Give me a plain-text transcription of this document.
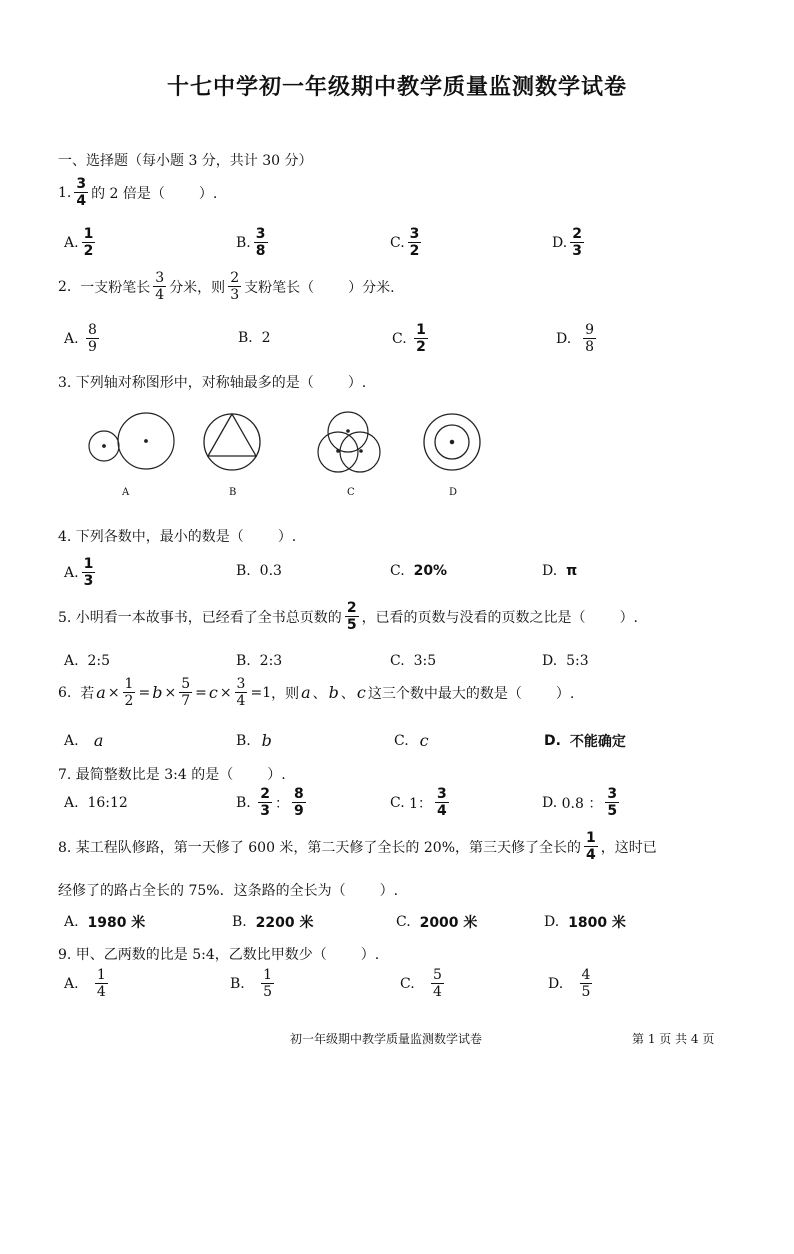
十七中学初一年级期中教学质量监测数学试卷
一、选择题（每小题 3 分，共计 30 分）
1. $\frac{3}{4}$ 的 2 倍是（ ）.
A. $\frac{1}{2}$	B. $\frac{3}{8}$	C. $\frac{3}{2}$	D. $\frac{2}{3}$
2.
一支粉笔长 $\frac{3}{4}$ 分米，则 $\frac{2}{3}$ 支粉笔长（ ）分米.
A.
$\frac{8}{9}$	B.
2	C.
$\frac{1}{2}$	D.
$\frac{9}{8}$
3. 下列轴对称图形中，对称轴最多的是（ ）.
A	B	C	D
4. 下列各数中，最小的数是（ ）.
A. $\frac{1}{3}$	B.
0.3	C.
20%	D.
π
5. 小明看一本故事书，已经看了全书总页数的 $\frac{2}{5}$ ，已看的页数与没看的页数之比是（ ）.
A.
2:5	B.
2:3	C.
3:5	D.
5:3
6.
若 $a \times \frac{1}{2} = b \times \frac{5}{7} = c \times \frac{3}{4} = 1$ ，则 a 、 b 、 c 这三个数中最大的数是（ ）.
A.
a	B.
b	C.
c	D.
不能确定
7. 最简整数比是 3:4 的是（ ）.
A.
16:12	B.
$\frac{2}{3}$ ： $\frac{8}{9}$	C.
1： $\frac{3}{4}$	D.
0.8 ： $\frac{3}{5}$
8. 某工程队修路，第一天修了 600 米，第二天修了全长的 20%，第三天修了全长的 $\frac{1}{4}$ ，这时已
经修了的路占全长的 75%．这条路的全长为（ ）.
A.
1980 米	B.
2200 米	C.
2000 米	D.
1800 米
9. 甲、乙两数的比是 5:4，乙数比甲数少（ ）.
A.
$\frac{1}{4}$	B.
$\frac{1}{5}$	C.
$\frac{5}{4}$	D.
$\frac{4}{5}$
初一年级期中教学质量监测数学试卷	第 1 页 共 4 页
